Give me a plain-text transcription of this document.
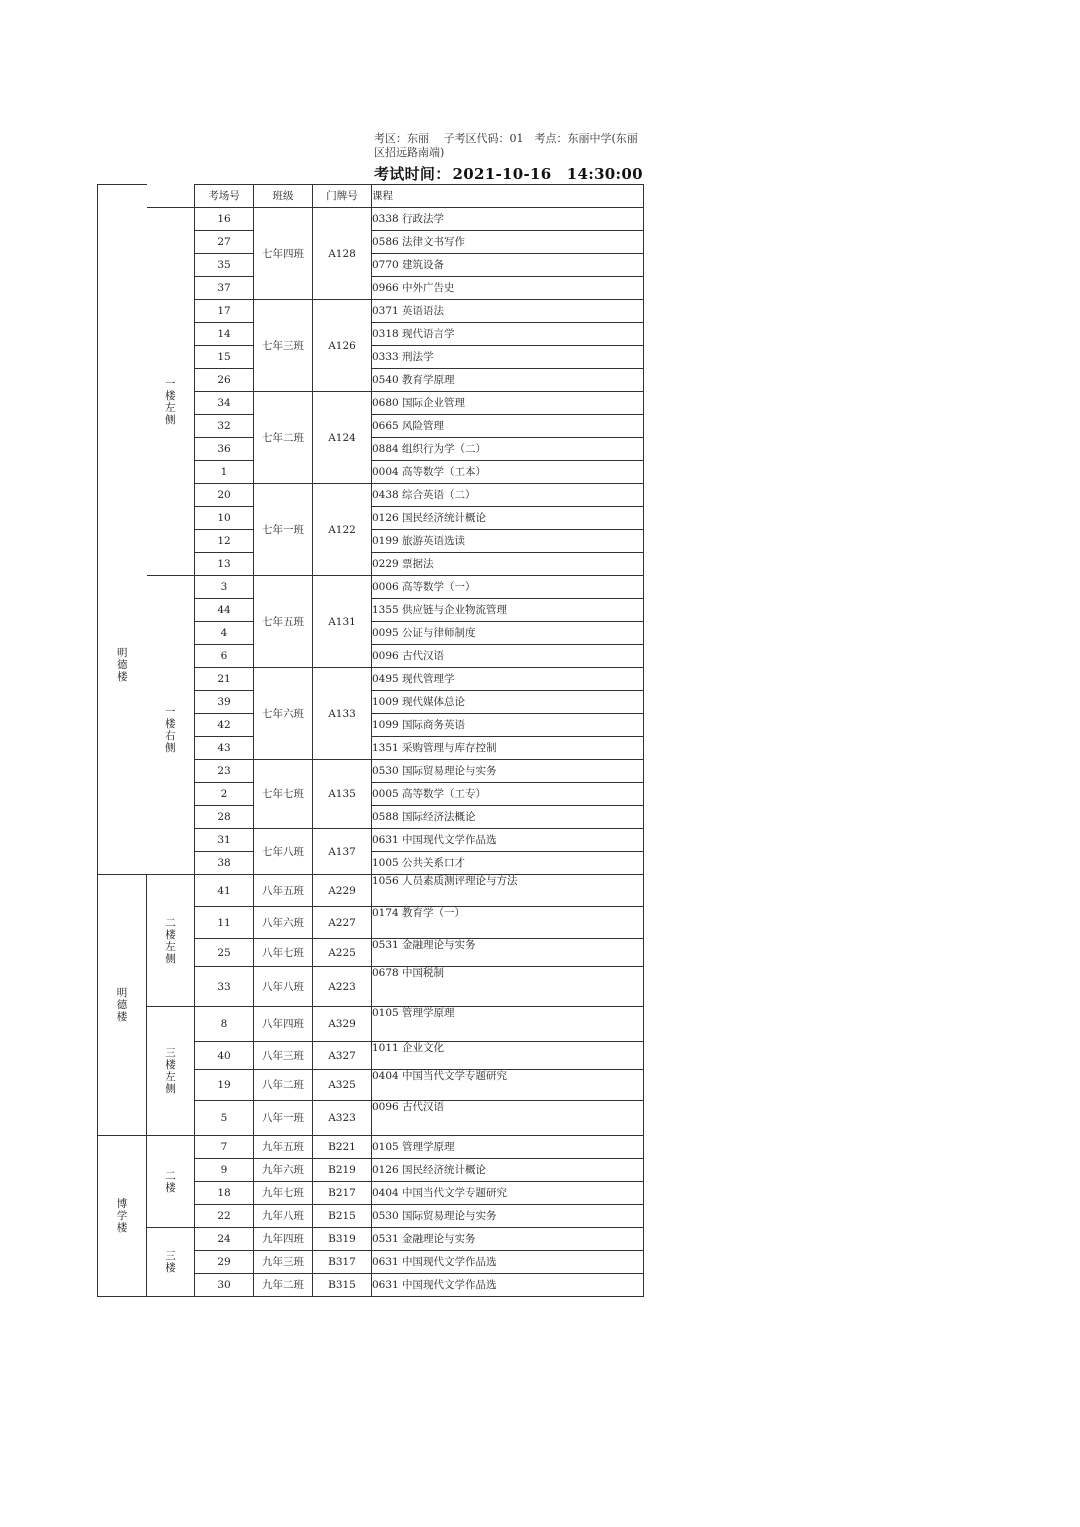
考区：东丽　 子考区代码：01　考点：东丽中学(东丽区招远路南端)
考试时间： 2021-10-16　14:30:00
明德楼		考场号	班级	门牌号	课程
	一楼左侧	16	七年四班	A128	0338 行政法学
		27			0586 法律文书写作
		35			0770 建筑设备
		37			0966 中外广告史
		17	七年三班	A126	0371 英语语法
		14			0318 现代语言学
		15			0333 刑法学
		26			0540 教育学原理
		34	七年二班	A124	0680 国际企业管理
		32			0665 风险管理
		36			0884 组织行为学（二）
		1			0004 高等数学（工本）
		20	七年一班	A122	0438 综合英语（二）
		10			0126 国民经济统计概论
		12			0199 旅游英语选读
		13			0229 票据法
	一楼右侧	3	七年五班	A131	0006 高等数学（一）
		44			1355 供应链与企业物流管理
		4			0095 公证与律师制度
		6			0096 古代汉语
		21	七年六班	A133	0495 现代管理学
		39			1009 现代媒体总论
		42			1099 国际商务英语
		43			1351 采购管理与库存控制
		23	七年七班	A135	0530 国际贸易理论与实务
		2			0005 高等数学（工专）
		28			0588 国际经济法概论
		31	七年八班	A137	0631 中国现代文学作品选
		38			1005 公共关系口才
明德楼	二楼左侧	41	八年五班	A229	1056 人员素质测评理论与方法
		11	八年六班	A227	0174 教育学（一）
		25	八年七班	A225	0531 金融理论与实务
		33	八年八班	A223	0678 中国税制
	三楼左侧	8	八年四班	A329	0105 管理学原理
		40	八年三班	A327	1011 企业文化
		19	八年二班	A325	0404 中国当代文学专题研究
		5	八年一班	A323	0096 古代汉语
博学楼	二楼	7	九年五班	B221	0105 管理学原理
		9	九年六班	B219	0126 国民经济统计概论
		18	九年七班	B217	0404 中国当代文学专题研究
		22	九年八班	B215	0530 国际贸易理论与实务
	三楼	24	九年四班	B319	0531 金融理论与实务
		29	九年三班	B317	0631 中国现代文学作品选
		30	九年二班	B315	0631 中国现代文学作品选
